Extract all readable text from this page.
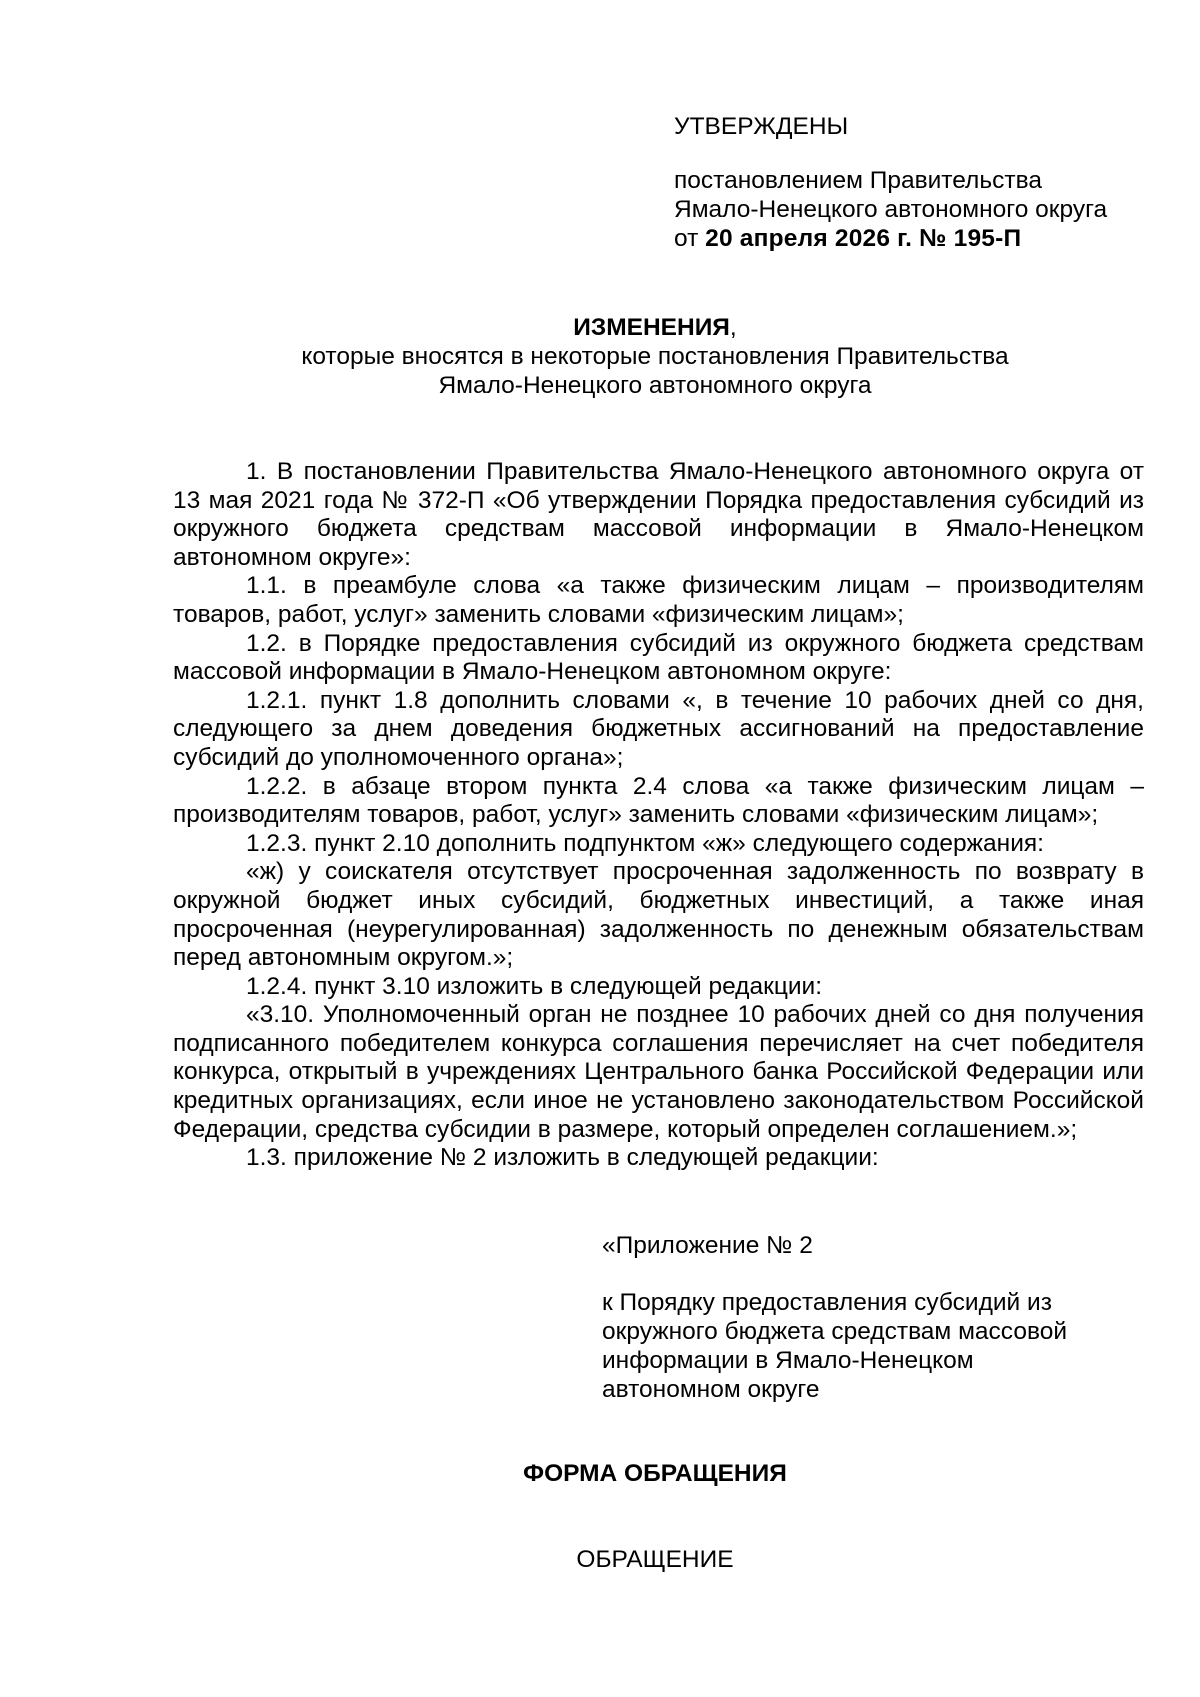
УТВЕРЖДЕНЫ
постановлением Правительства
Ямало-Ненецкого автономного округа
от 20 апреля 2026 г. № 195-П
ИЗМЕНЕНИЯ,
которые вносятся в некоторые постановления Правительства
Ямало-Ненецкого автономного округа

1. В постановлении Правительства Ямало-Ненецкого автономного округа от 13 мая 2021 года № 372-П «Об утверждении Порядка предоставления субсидий из окружного бюджета средствам массовой информации в Ямало-Ненецком автономном округе»:

1.1. в преамбуле слова «а также физическим лицам – производителям товаров, работ, услуг» заменить словами «физическим лицам»;

1.2. в Порядке предоставления субсидий из окружного бюджета средствам массовой информации в Ямало-Ненецком автономном округе:

1.2.1. пункт 1.8 дополнить словами «, в течение 10 рабочих дней со дня, следующего за днем доведения бюджетных ассигнований на предоставление субсидий до уполномоченного органа»;

1.2.2. в абзаце втором пункта 2.4 слова «а также физическим лицам – производителям товаров, работ, услуг» заменить словами «физическим лицам»;

1.2.3. пункт 2.10 дополнить подпунктом «ж» следующего содержания:

«ж) у соискателя отсутствует просроченная задолженность по возврату в окружной бюджет иных субсидий, бюджетных инвестиций, а также иная просроченная (неурегулированная) задолженность по денежным обязательствам перед автономным округом.»;

1.2.4. пункт 3.10 изложить в следующей редакции:

«3.10. Уполномоченный орган не позднее 10 рабочих дней со дня получения подписанного победителем конкурса соглашения перечисляет на счет победителя конкурса, открытый в учреждениях Центрального банка Российской Федерации или кредитных организациях, если иное не установлено законодательством Российской Федерации, средства субсидии в размере, который определен соглашением.»;

1.3. приложение № 2 изложить в следующей редакции:

«Приложение № 2
к Порядку предоставления субсидий из
окружного бюджета средствам массовой
информации в Ямало-Ненецком
автономном округе
ФОРМА ОБРАЩЕНИЯ
ОБРАЩЕНИЕ
